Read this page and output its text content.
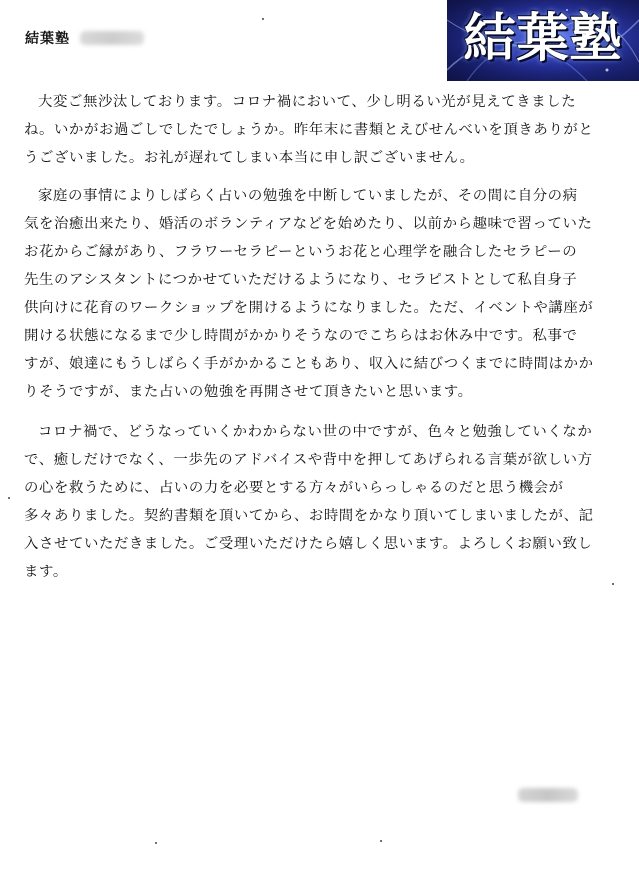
結葉塾	結葉塾

大変ご無沙汰しております。コロナ禍において、少し明るい光が見えてきました
ね。いかがお過ごしでしたでしょうか。昨年末に書類とえびせんべいを頂きありがと
うございました。お礼が遅れてしまい本当に申し訳ございません。

家庭の事情によりしばらく占いの勉強を中断していましたが、その間に自分の病
気を治癒出来たり、婚活のボランティアなどを始めたり、以前から趣味で習っていた
お花からご縁があり、フラワーセラピーというお花と心理学を融合したセラピーの
先生のアシスタントにつかせていただけるようになり、セラピストとして私自身子
供向けに花育のワークショップを開けるようになりました。ただ、イベントや講座が
開ける状態になるまで少し時間がかかりそうなのでこちらはお休み中です。私事で
すが、娘達にもうしばらく手がかかることもあり、収入に結びつくまでに時間はかか
りそうですが、また占いの勉強を再開させて頂きたいと思います。

コロナ禍で、どうなっていくかわからない世の中ですが、色々と勉強していくなか
で、癒しだけでなく、一歩先のアドバイスや背中を押してあげられる言葉が欲しい方
の心を救うために、占いの力を必要とする方々がいらっしゃるのだと思う機会が
多々ありました。契約書類を頂いてから、お時間をかなり頂いてしまいましたが、記
入させていただきました。ご受理いただけたら嬉しく思います。よろしくお願い致し
ます。
